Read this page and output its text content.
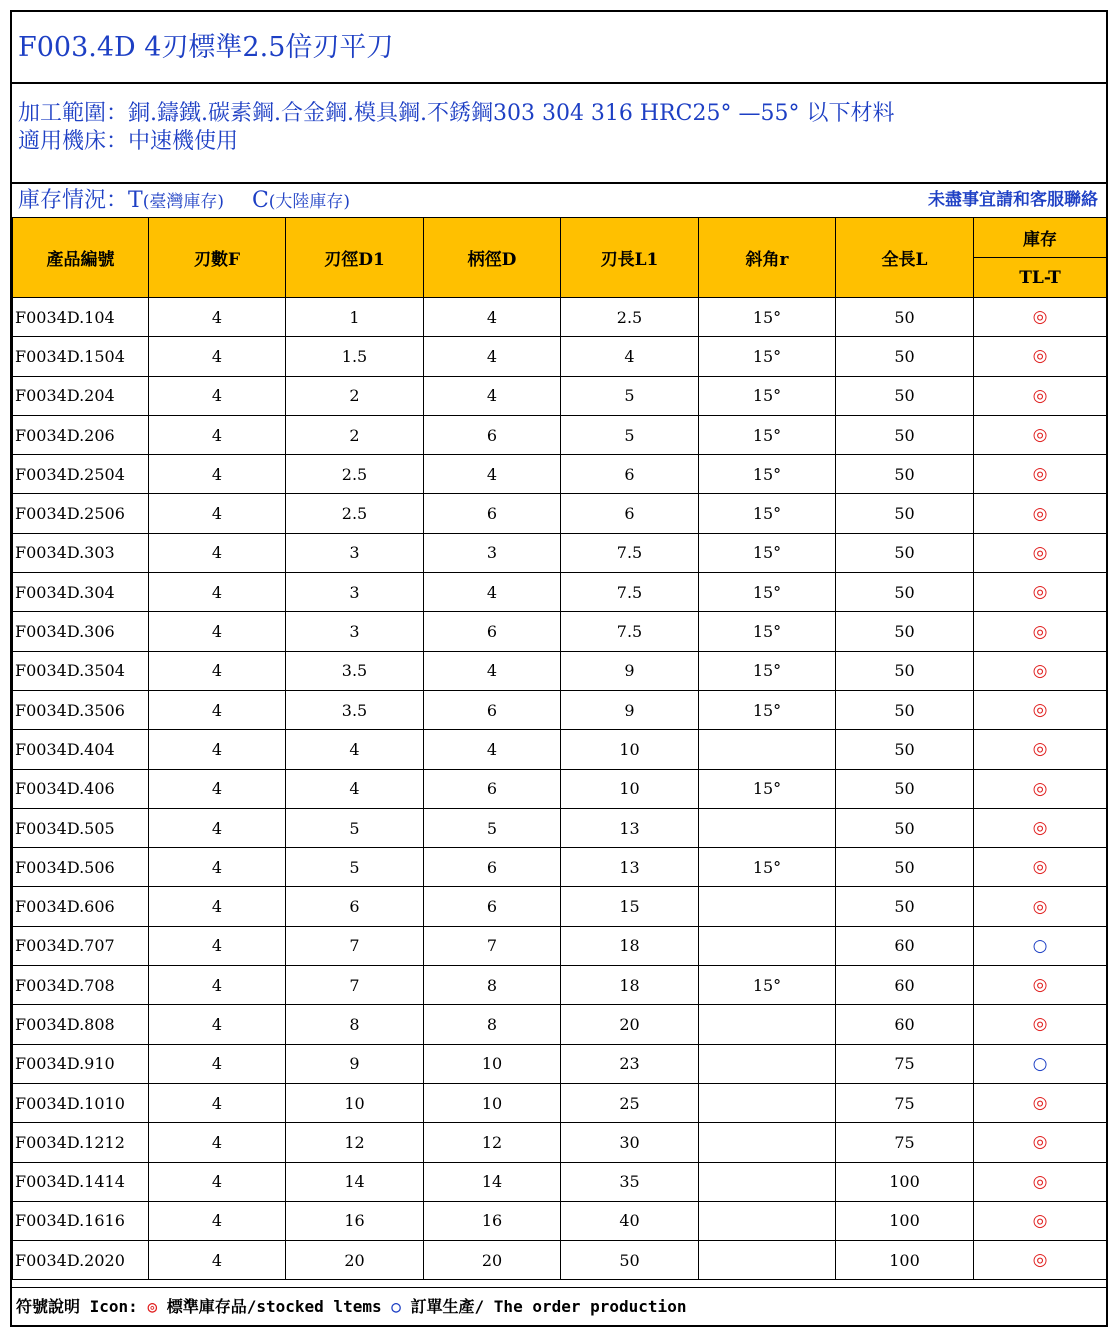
F003.4D 4刃標準2.5倍刃平刀
加工範圍：銅.鑄鐵.碳素鋼.合金鋼.模具鋼.不銹鋼303 304 316 HRC25° —55° 以下材料
適用機床：中速機使用
庫存情況：T(臺灣庫存) C(大陸庫存)	未盡事宜請和客服聯絡
產品編號	刃數F	刃徑D1	柄徑D	刃長L1	斜角r	全長L	庫存
							TL-T
F0034D.104	4	1	4	2.5	15°	50	◎
F0034D.1504	4	1.5	4	4	15°	50	◎
F0034D.204	4	2	4	5	15°	50	◎
F0034D.206	4	2	6	5	15°	50	◎
F0034D.2504	4	2.5	4	6	15°	50	◎
F0034D.2506	4	2.5	6	6	15°	50	◎
F0034D.303	4	3	3	7.5	15°	50	◎
F0034D.304	4	3	4	7.5	15°	50	◎
F0034D.306	4	3	6	7.5	15°	50	◎
F0034D.3504	4	3.5	4	9	15°	50	◎
F0034D.3506	4	3.5	6	9	15°	50	◎
F0034D.404	4	4	4	10		50	◎
F0034D.406	4	4	6	10	15°	50	◎
F0034D.505	4	5	5	13		50	◎
F0034D.506	4	5	6	13	15°	50	◎
F0034D.606	4	6	6	15		50	◎
F0034D.707	4	7	7	18		60	○
F0034D.708	4	7	8	18	15°	60	◎
F0034D.808	4	8	8	20		60	◎
F0034D.910	4	9	10	23		75	○
F0034D.1010	4	10	10	25		75	◎
F0034D.1212	4	12	12	30		75	◎
F0034D.1414	4	14	14	35		100	◎
F0034D.1616	4	16	16	40		100	◎
F0034D.2020	4	20	20	50		100	◎
符號說明 Icon: ◎ 標準庫存品/stocked ltems ○ 訂單生產/ The order production
